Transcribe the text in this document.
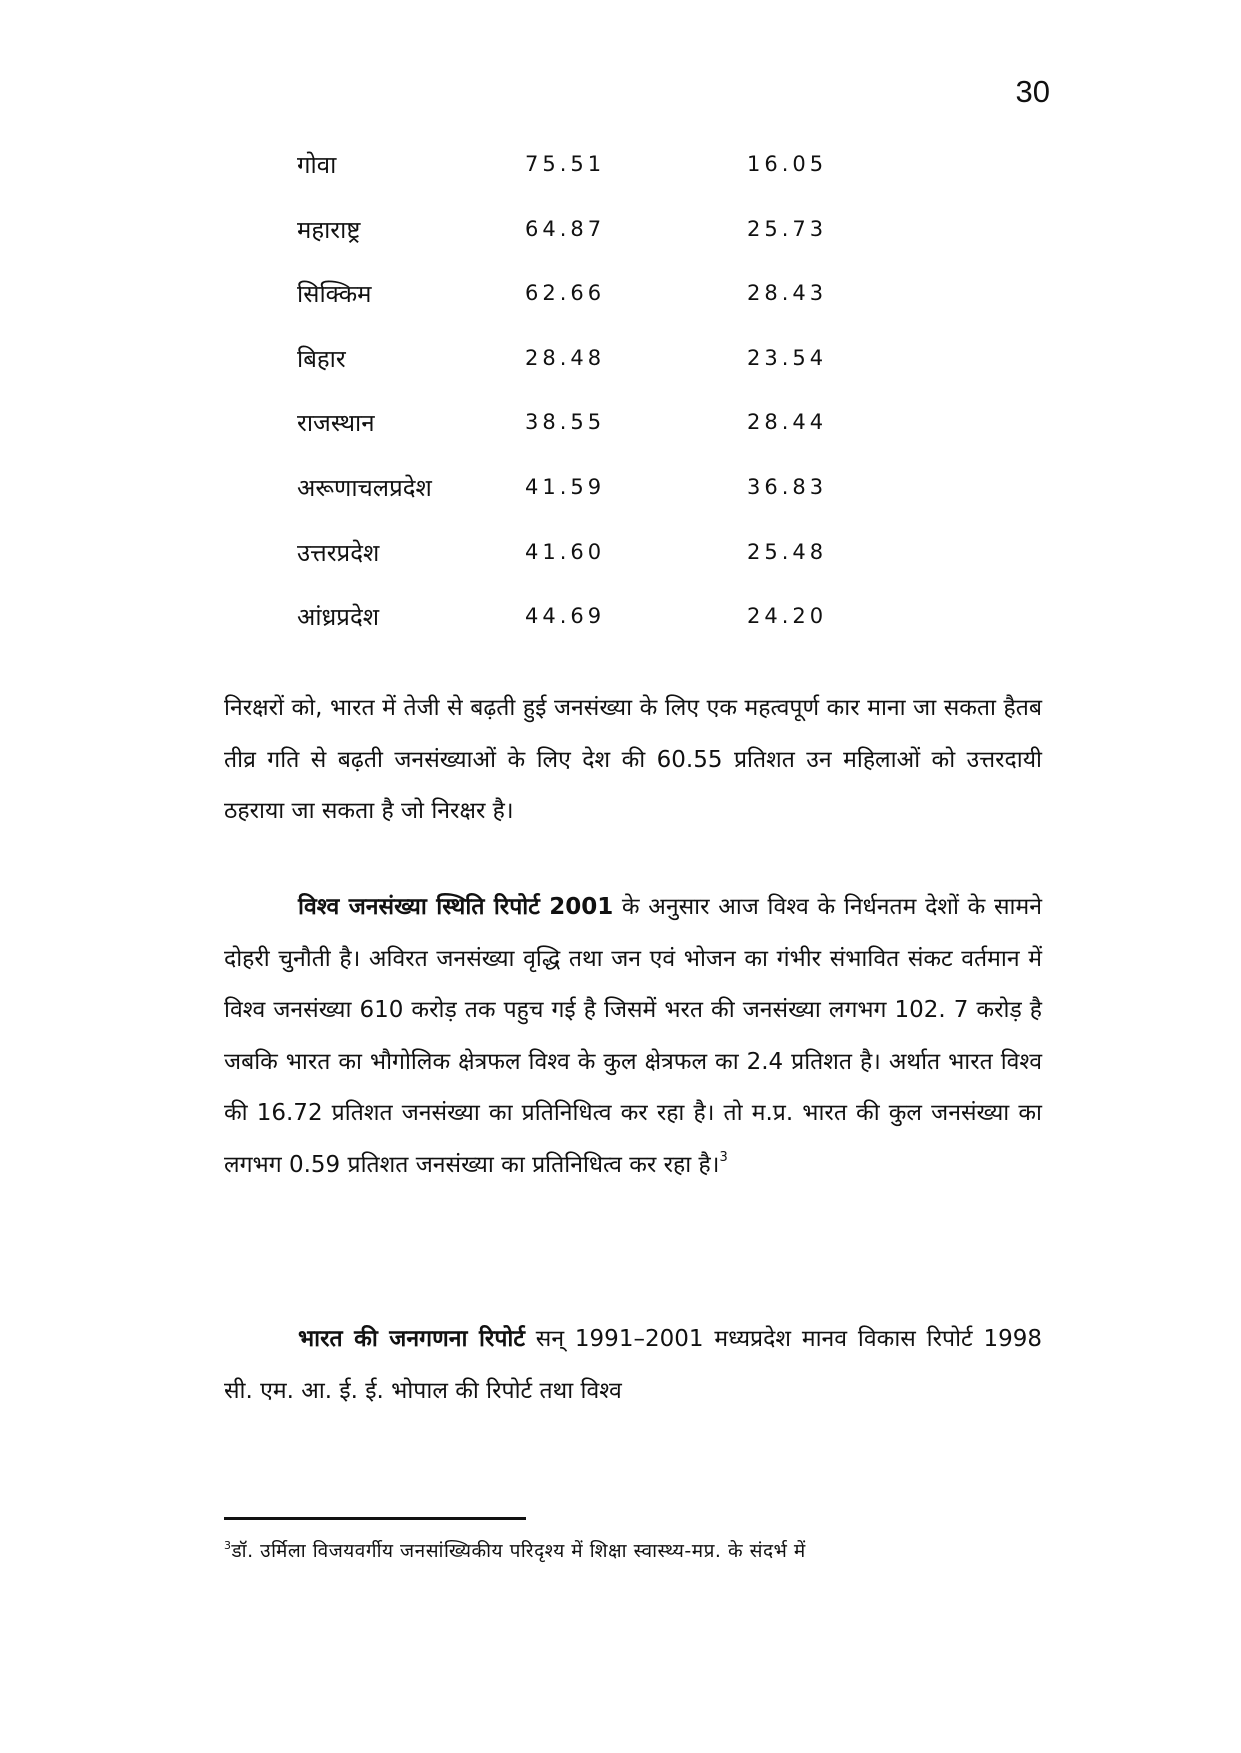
30
गोवा	75.51	16.05
महाराष्ट्र	64.87	25.73
सिक्किम	62.66	28.43
बिहार	28.48	23.54
राजस्थान	38.55	28.44
अरूणाचलप्रदेश	41.59	36.83
उत्तरप्रदेश	41.60	25.48
आंध्रप्रदेश	44.69	24.20

निरक्षरों को, भारत में तेजी से बढ़ती हुई जनसंख्या के लिए एक महत्वपूर्ण कार माना जा सकता हैतब तीव्र गति से बढ़ती जनसंख्याओं के लिए देश की 60.55 प्रतिशत उन महिलाओं को उत्तरदायी ठहराया जा सकता है जो निरक्षर है।

विश्व जनसंख्या स्थिति रिपोर्ट 2001 के अनुसार आज विश्व के निर्धनतम देशों के सामने दोहरी चुनौती है। अविरत जनसंख्या वृद्धि तथा जन एवं भोजन का गंभीर संभावित संकट वर्तमान में विश्व जनसंख्या 610 करोड़ तक पहुच गई है जिसमें भरत की जनसंख्या लगभग 102. 7 करोड़ है जबकि भारत का भौगोलिक क्षेत्रफल विश्व के कुल क्षेत्रफल का 2.4 प्रतिशत है। अर्थात भारत विश्व की 16.72 प्रतिशत जनसंख्या का प्रतिनिधित्व कर रहा है। तो म.प्र. भारत की कुल जनसंख्या का लगभग 0.59 प्रतिशत जनसंख्या का प्रतिनिधित्व कर रहा है।$^3$

भारत की जनगणना रिपोर्ट सन् 1991–2001 मध्यप्रदेश मानव विकास रिपोर्ट 1998 सी. एम. आ. ई. ई. भोपाल की रिपोर्ट तथा विश्व

$^3$डॉ. उर्मिला विजयवर्गीय जनसांख्यिकीय परिदृश्य में शिक्षा स्वास्थ्य-मप्र. के संदर्भ में
